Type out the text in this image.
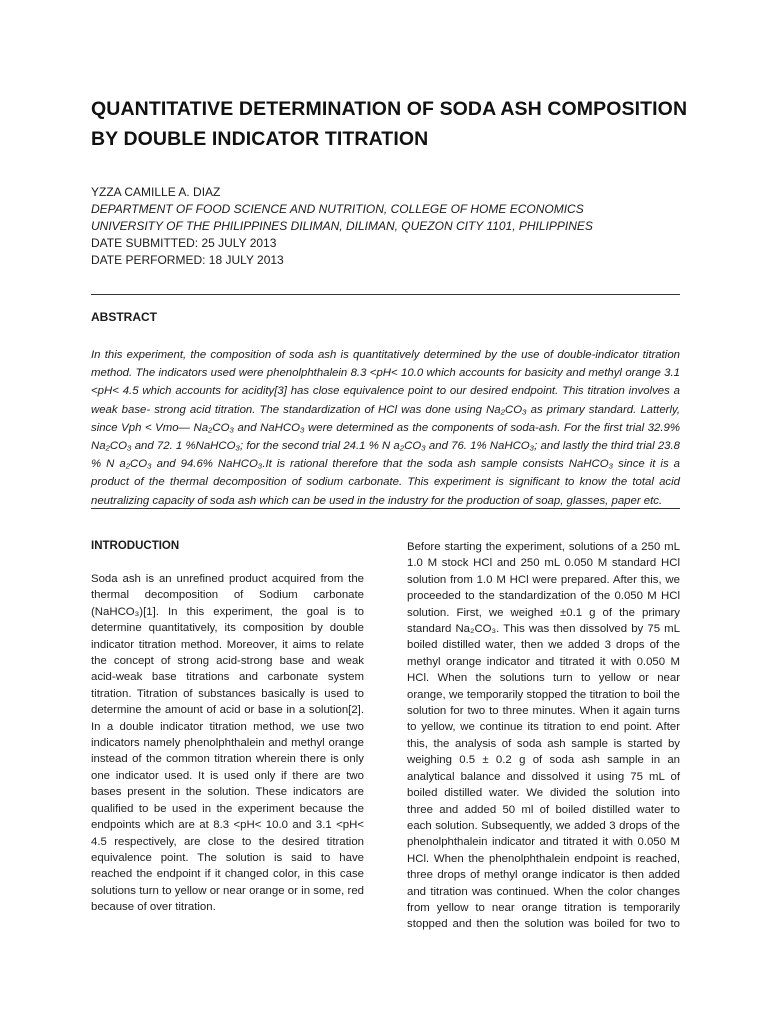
QUANTITATIVE DETERMINATION OF SODA ASH COMPOSITION
BY DOUBLE INDICATOR TITRATION
YZZA CAMILLE A. DIAZ
DEPARTMENT OF FOOD SCIENCE AND NUTRITION, COLLEGE OF HOME ECONOMICS
UNIVERSITY OF THE PHILIPPINES DILIMAN, DILIMAN, QUEZON CITY 1101, PHILIPPINES
DATE SUBMITTED: 25 JULY 2013
DATE PERFORMED: 18 JULY 2013
ABSTRACT
In this experiment, the composition of soda ash is quantitatively determined by the use of double-indicator titration
method. The indicators used were phenolphthalein 8.3 <pH< 10.0 which accounts for basicity and methyl orange 3.1
<pH< 4.5 which accounts for acidity[3] has close equivalence point to our desired endpoint. This titration involves a
weak base- strong acid titration. The standardization of HCl was done using Na₂CO₃ as primary standard. Latterly,
since Vph < Vmo— Na₂CO₃ and NaHCO₃ were determined as the components of soda-ash. For the first trial 32.9%
Na₂CO₃ and 72. 1 %NaHCO₃; for the second trial 24.1 % N a₂CO₃ and 76. 1% NaHCO₃; and lastly the third trial 23.8
% N a₂CO₃ and 94.6% NaHCO₃.It is rational therefore that the soda ash sample consists NaHCO₃ since it is a
product of the thermal decomposition of sodium carbonate. This experiment is significant to know the total acid
neutralizing capacity of soda ash which can be used in the industry for the production of soap, glasses, paper etc.
INTRODUCTION
Soda ash is an unrefined product acquired from the
thermal decomposition of Sodium carbonate
(NaHCO₃)[1]. In this experiment, the goal is to
determine quantitatively, its composition by double
indicator titration method. Moreover, it aims to relate
the concept of strong acid-strong base and weak
acid-weak base titrations and carbonate system
titration. Titration of substances basically is used to
determine the amount of acid or base in a solution[2].
In a double indicator titration method, we use two
indicators namely phenolphthalein and methyl orange
instead of the common titration wherein there is only
one indicator used. It is used only if there are two
bases present in the solution. These indicators are
qualified to be used in the experiment because the
endpoints which are at 8.3 <pH< 10.0 and 3.1 <pH<
4.5 respectively, are close to the desired titration
equivalence point. The solution is said to have
reached the endpoint if it changed color, in this case
solutions turn to yellow or near orange or in some, red
because of over titration.
Before starting the experiment, solutions of a 250 mL
1.0 M stock HCl and 250 mL 0.050 M standard HCl
solution from 1.0 M HCl were prepared. After this, we
proceeded to the standardization of the 0.050 M HCl
solution. First, we weighed ±0.1 g of the primary
standard Na₂CO₃. This was then dissolved by 75 mL
boiled distilled water, then we added 3 drops of the
methyl orange indicator and titrated it with 0.050 M
HCl. When the solutions turn to yellow or near
orange, we temporarily stopped the titration to boil the
solution for two to three minutes. When it again turns
to yellow, we continue its titration to end point. After
this, the analysis of soda ash sample is started by
weighing 0.5 ± 0.2 g of soda ash sample in an
analytical balance and dissolved it using 75 mL of
boiled distilled water. We divided the solution into
three and added 50 ml of boiled distilled water to
each solution. Subsequently, we added 3 drops of the
phenolphthalein indicator and titrated it with 0.050 M
HCl. When the phenolphthalein endpoint is reached,
three drops of methyl orange indicator is then added
and titration was continued. When the color changes
from yellow to near orange titration is temporarily
stopped and then the solution was boiled for two to
